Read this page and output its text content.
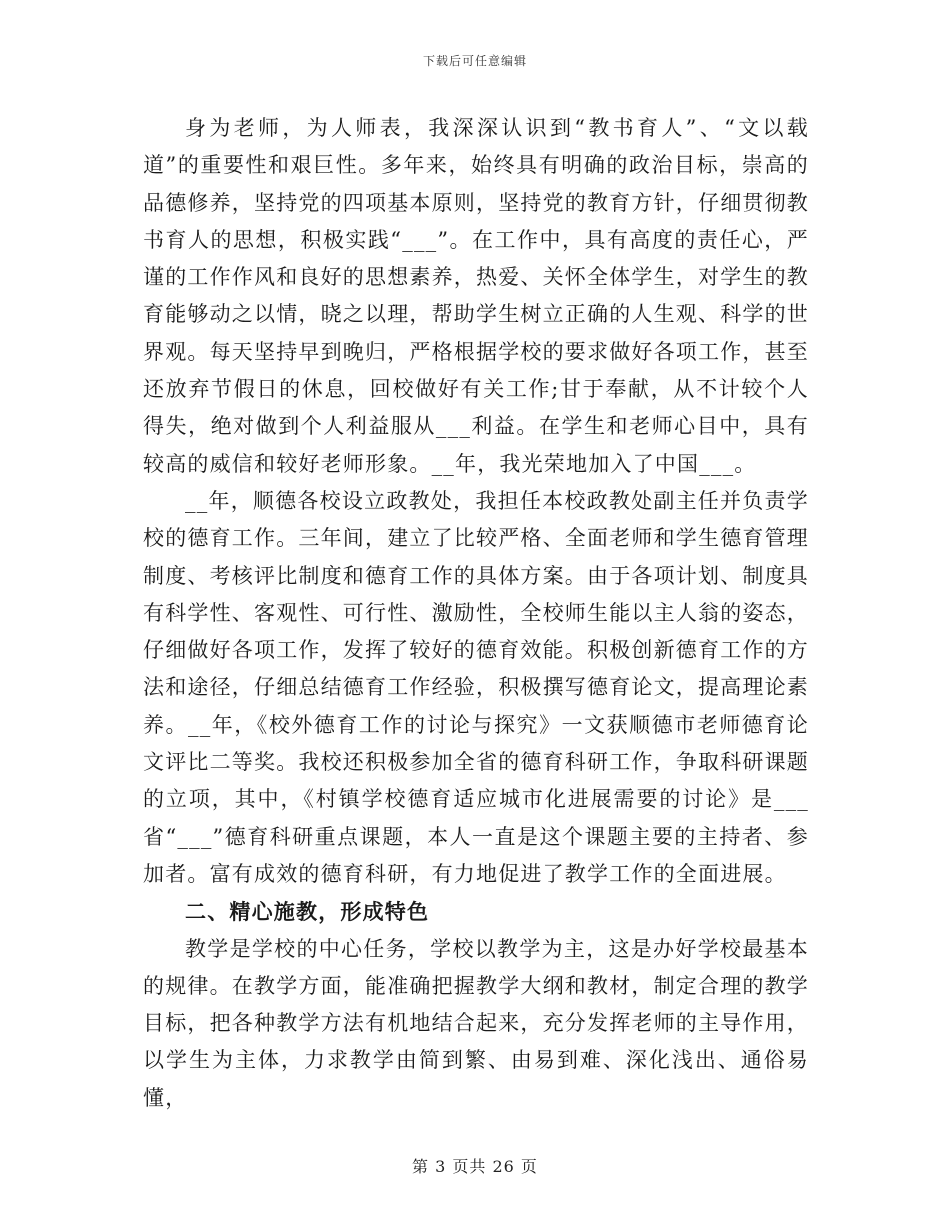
下载后可任意编辑

身为老师，为人师表，我深深认识到“教书育人”、“文以载道”的重要性和艰巨性。多年来，始终具有明确的政治目标，崇高的品德修养，坚持党的四项基本原则，坚持党的教育方针，仔细贯彻教书育人的思想，积极实践“___”。在工作中，具有高度的责任心，严谨的工作作风和良好的思想素养，热爱、关怀全体学生，对学生的教育能够动之以情，晓之以理，帮助学生树立正确的人生观、科学的世界观。每天坚持早到晚归，严格根据学校的要求做好各项工作，甚至还放弃节假日的休息，回校做好有关工作;甘于奉献，从不计较个人得失，绝对做到个人利益服从___利益。在学生和老师心目中，具有较高的威信和较好老师形象。__年，我光荣地加入了中国___。

__年，顺德各校设立政教处，我担任本校政教处副主任并负责学校的德育工作。三年间，建立了比较严格、全面老师和学生德育管理制度、考核评比制度和德育工作的具体方案。由于各项计划、制度具有科学性、客观性、可行性、激励性，全校师生能以主人翁的姿态，仔细做好各项工作，发挥了较好的德育效能。积极创新德育工作的方法和途径，仔细总结德育工作经验，积极撰写德育论文，提高理论素养。__年，《校外德育工作的讨论与探究》一文获顺德市老师德育论文评比二等奖。我校还积极参加全省的德育科研工作，争取科研课题的立项，其中，《村镇学校德育适应城市化进展需要的讨论》是___省“___”德育科研重点课题，本人一直是这个课题主要的主持者、参加者。富有成效的德育科研，有力地促进了教学工作的全面进展。

二、精心施教，形成特色

教学是学校的中心任务，学校以教学为主，这是办好学校最基本的规律。在教学方面，能准确把握教学大纲和教材，制定合理的教学目标，把各种教学方法有机地结合起来，充分发挥老师的主导作用，以学生为主体，力求教学由简到繁、由易到难、深化浅出、通俗易懂，

第 3 页共 26 页
